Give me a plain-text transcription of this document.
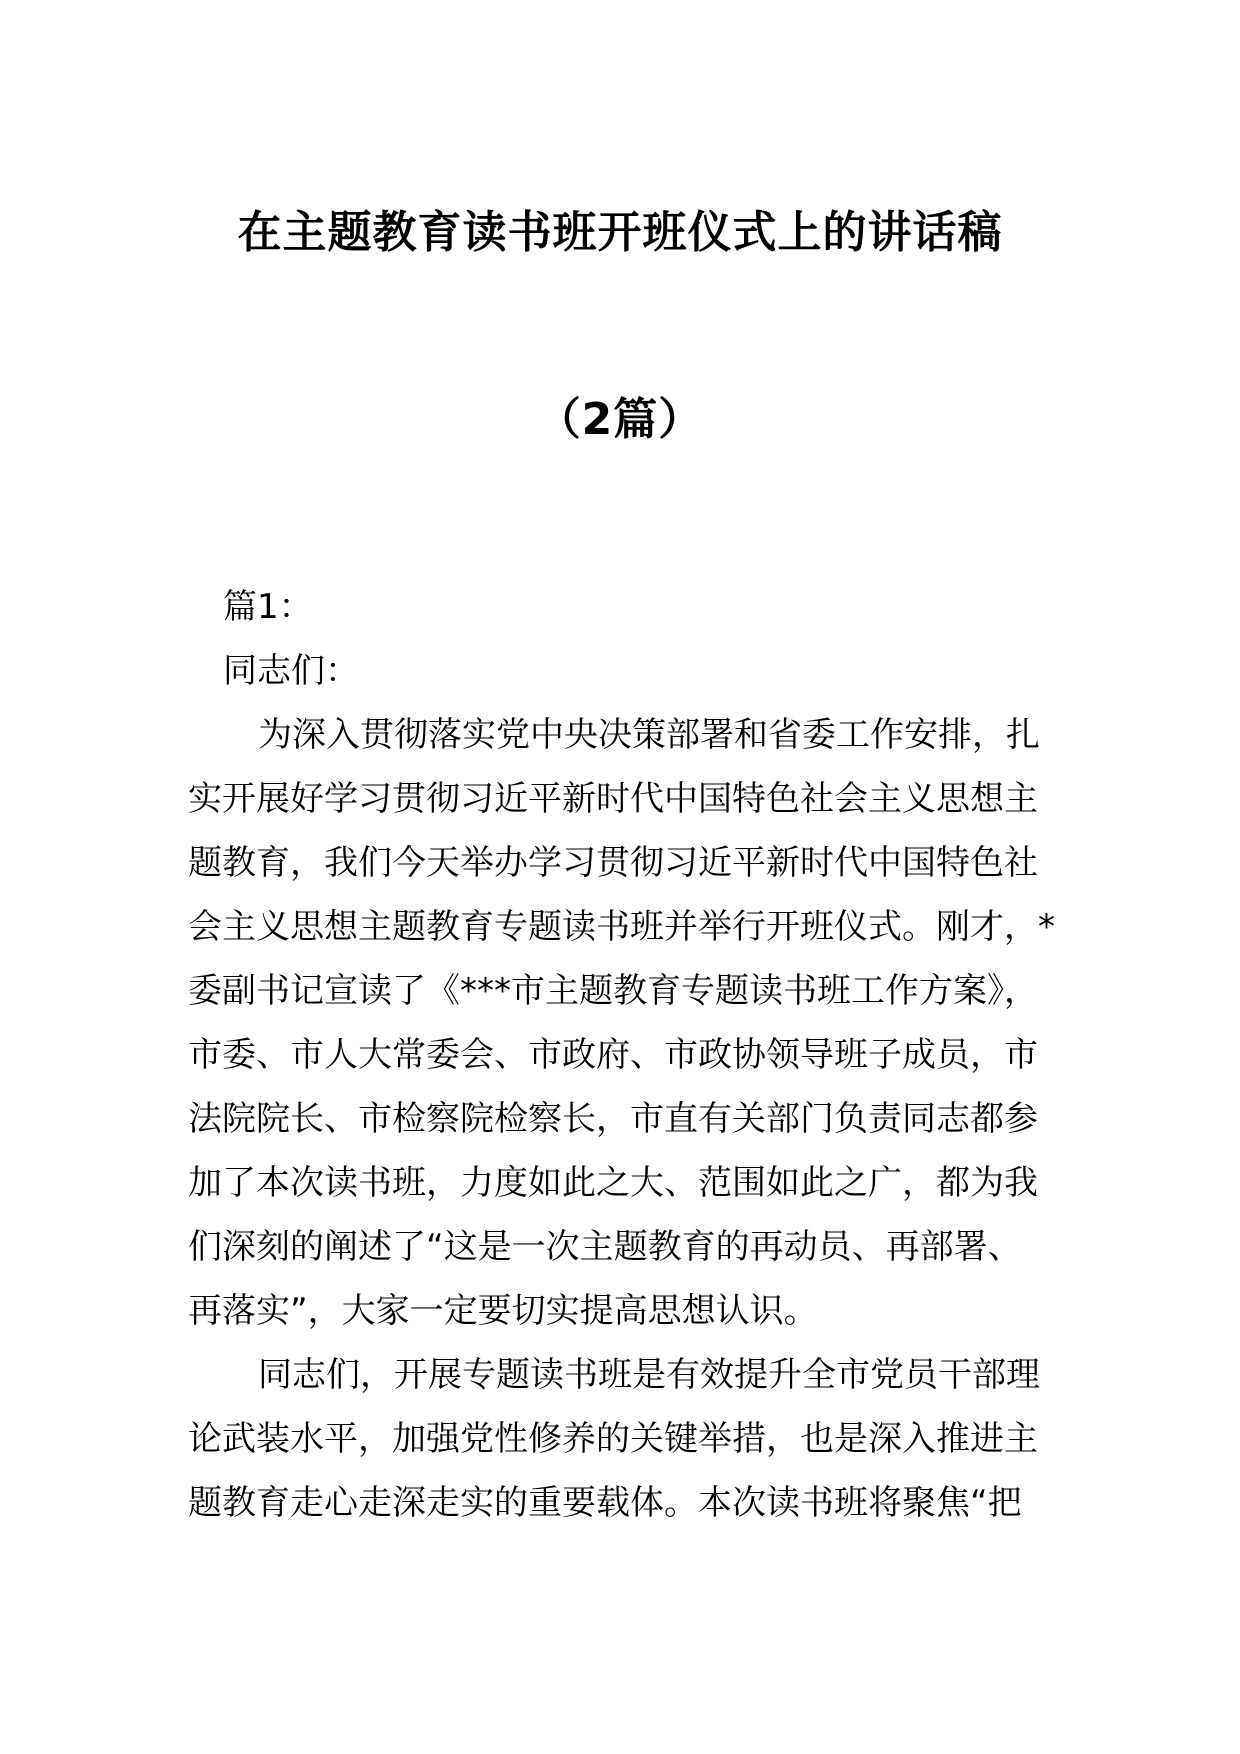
在主题教育读书班开班仪式上的讲话稿
（2篇）
篇1：
同志们：
为深入贯彻落实党中央决策部署和省委工作安排，扎
实开展好学习贯彻习近平新时代中国特色社会主义思想主
题教育，我们今天举办学习贯彻习近平新时代中国特色社
会主义思想主题教育专题读书班并举行开班仪式。刚才，*
委副书记宣读了《***市主题教育专题读书班工作方案》，
市委、市人大常委会、市政府、市政协领导班子成员，市
法院院长、市检察院检察长，市直有关部门负责同志都参
加了本次读书班，力度如此之大、范围如此之广，都为我
们深刻的阐述了“这是一次主题教育的再动员、再部署、
再落实”，大家一定要切实提高思想认识。
同志们，开展专题读书班是有效提升全市党员干部理
论武装水平，加强党性修养的关键举措，也是深入推进主
题教育走心走深走实的重要载体。本次读书班将聚焦“把
